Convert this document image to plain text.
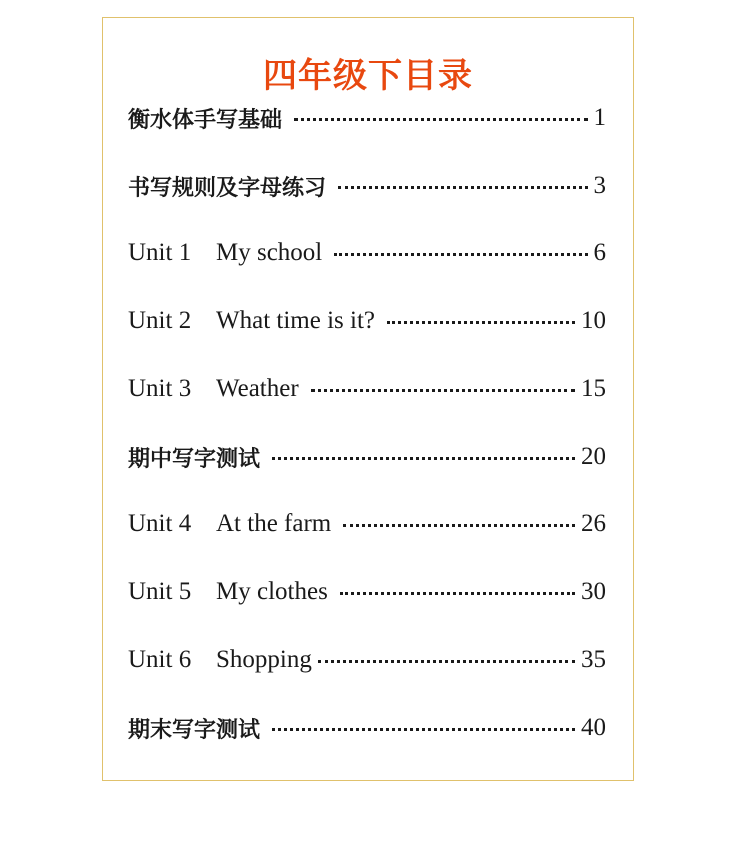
四年级下目录
衡水体手写基础	1
书写规则及字母练习	3
Unit 1 My school	6
Unit 2 What time is it?	10
Unit 3 Weather	15
期中写字测试	20
Unit 4 At the farm	26
Unit 5 My clothes	30
Unit 6 Shopping	35
期末写字测试	40
